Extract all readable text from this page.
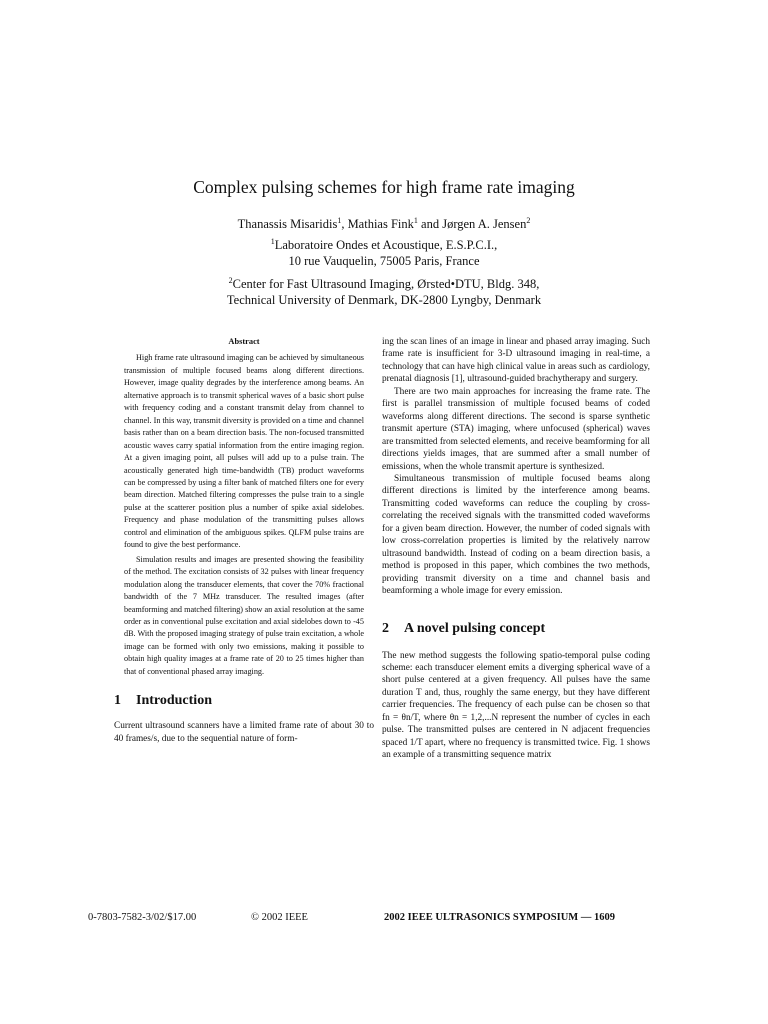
Complex pulsing schemes for high frame rate imaging
Thanassis Misaridis$^1$, Mathias Fink$^1$ and Jørgen A. Jensen$^2$
$^1$Laboratoire Ondes et Acoustique, E.S.P.C.I.,
10 rue Vauquelin, 75005 Paris, France
$^2$Center for Fast Ultrasound Imaging, Ørsted•DTU, Bldg. 348,
Technical University of Denmark, DK-2800 Lyngby, Denmark
Abstract

High frame rate ultrasound imaging can be achieved by simultaneous transmission of multiple focused beams along different directions. However, image quality degrades by the interference among beams. An alternative approach is to transmit spherical waves of a basic short pulse with frequency coding and a constant transmit delay from channel to channel. In this way, transmit diversity is provided on a time and channel basis rather than on a beam direction basis. The non-focused transmitted acoustic waves carry spatial information from the entire imaging region. At a given imaging point, all pulses will add up to a pulse train. The acoustically generated high time-bandwidth (TB) product waveforms can be compressed by using a filter bank of matched filters one for every beam direction. Matched filtering compresses the pulse train to a single pulse at the scatterer position plus a number of spike axial sidelobes. Frequency and phase modulation of the transmitting pulses allows control and elimination of the ambiguous spikes. QLFM pulse trains are found to give the best performance.

Simulation results and images are presented showing the feasibility of the method. The excitation consists of 32 pulses with linear frequency modulation along the transducer elements, that cover the 70% fractional bandwidth of the 7 MHz transducer. The resulted images (after beamforming and matched filtering) show an axial resolution at the same order as in conventional pulse excitation and axial sidelobes down to -45 dB. With the proposed imaging strategy of pulse train excitation, a whole image can be formed with only two emissions, making it possible to obtain high quality images at a frame rate of 20 to 25 times higher than that of conventional phased array imaging.

1 Introduction

Current ultrasound scanners have a limited frame rate of about 30 to 40 frames/s, due to the sequential nature of form-

ing the scan lines of an image in linear and phased array imaging. Such frame rate is insufficient for 3-D ultrasound imaging in real-time, a technology that can have high clinical value in areas such as cardiology, prenatal diagnosis [1], ultrasound-guided brachytherapy and surgery.

There are two main approaches for increasing the frame rate. The first is parallel transmission of multiple focused beams of coded waveforms along different directions. The second is sparse synthetic transmit aperture (STA) imaging, where unfocused (spherical) waves are transmitted from selected elements, and receive beamforming for all directions yields images, that are summed after a small number of emissions, when the whole transmit aperture is synthesized.

Simultaneous transmission of multiple focused beams along different directions is limited by the interference among beams. Transmitting coded waveforms can reduce the coupling by cross-correlating the received signals with the transmitted coded waveforms for a given beam direction. However, the number of coded signals with low cross-correlation properties is limited by the relatively narrow ultrasound bandwidth. Instead of coding on a beam direction basis, a method is proposed in this paper, which combines the two methods, providing transmit diversity on a time and channel basis and beamforming a whole image for every emission.

2 A novel pulsing concept

The new method suggests the following spatio-temporal pulse coding scheme: each transducer element emits a diverging spherical wave of a short pulse centered at a given frequency. All pulses have the same duration T and, thus, roughly the same energy, but they have different carrier frequencies. The frequency of each pulse can be chosen so that fn = θn/T, where θn = 1,2,...N represent the number of cycles in each pulse. The transmitted pulses are centered in N adjacent frequencies spaced 1/T apart, where no frequency is transmitted twice. Fig. 1 shows an example of a transmitting sequence matrix

0-7803-7582-3/02/$17.00	© 2002 IEEE	2002 IEEE ULTRASONICS SYMPOSIUM — 1609
